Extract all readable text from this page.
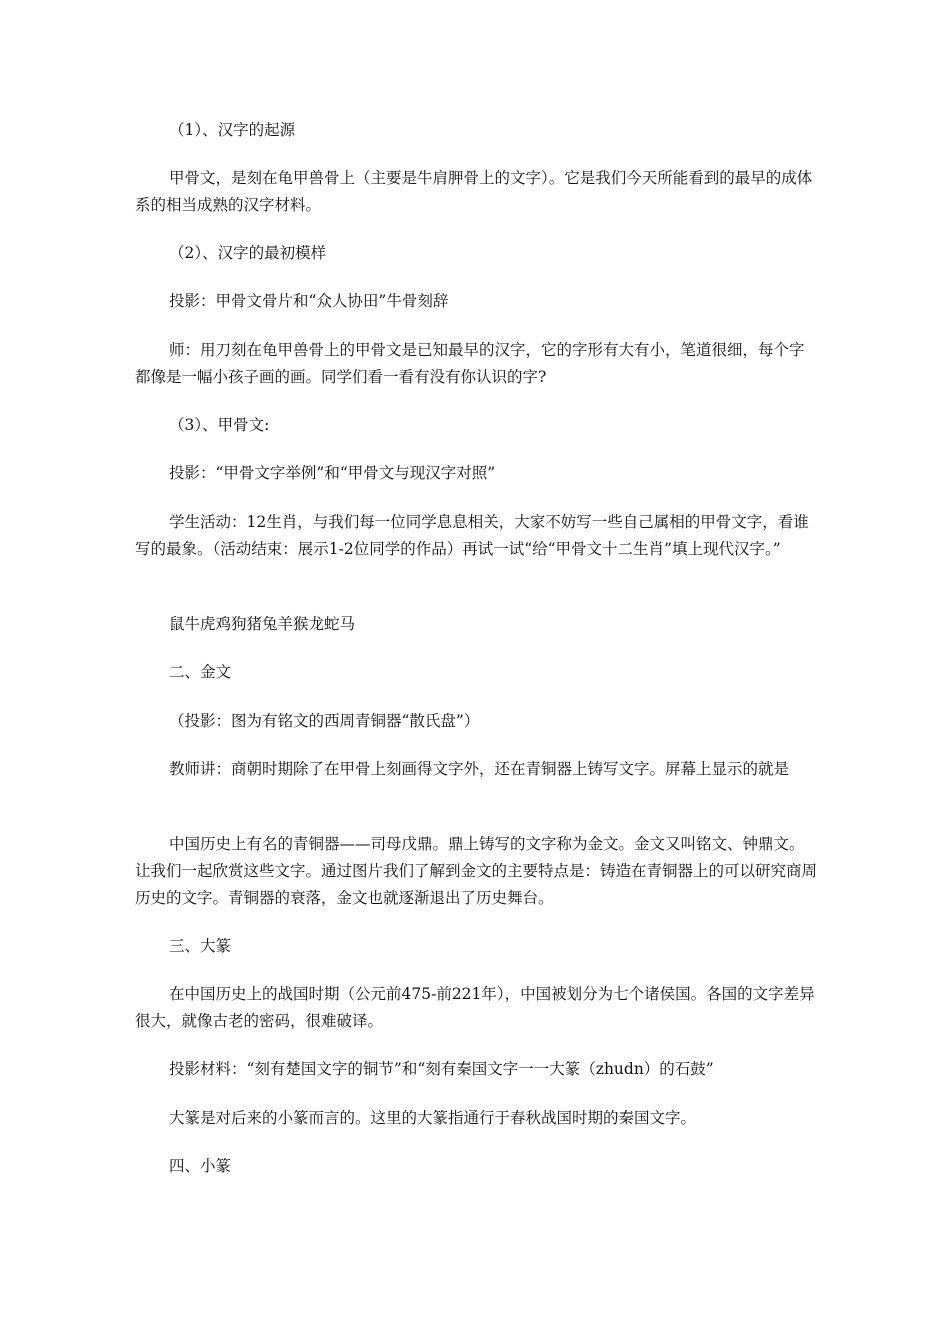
（1）、汉字的起源

甲骨文，是刻在龟甲兽骨上（主要是牛肩胛骨上的文字）。它是我们今天所能看到的最早的成体系的相当成熟的汉字材料。

（2）、汉字的最初模样

投影：甲骨文骨片和“众人协田”牛骨刻辞

师：用刀刻在龟甲兽骨上的甲骨文是已知最早的汉字，它的字形有大有小，笔道很细，每个字都像是一幅小孩子画的画。同学们看一看有没有你认识的字?

（3）、甲骨文:

投影：“甲骨文字举例”和“甲骨文与现汉字对照”

学生活动：12生肖，与我们每一位同学息息相关，大家不妨写一些自己属相的甲骨文字，看谁写的最象。（活动结束：展示1-2位同学的作品）再试一试“给“甲骨文十二生肖”填上现代汉字。”

鼠牛虎鸡狗猪兔羊猴龙蛇马

二、金文

（投影：图为有铭文的西周青铜器“散氏盘”）

教师讲：商朝时期除了在甲骨上刻画得文字外，还在青铜器上铸写文字。屏幕上显示的就是

中国历史上有名的青铜器——司母戊鼎。鼎上铸写的文字称为金文。金文又叫铭文、钟鼎文。让我们一起欣赏这些文字。通过图片我们了解到金文的主要特点是：铸造在青铜器上的可以研究商周历史的文字。青铜器的衰落，金文也就逐渐退出了历史舞台。

三、大篆

在中国历史上的战国时期（公元前475-前221年），中国被划分为七个诸侯国。各国的文字差异很大，就像古老的密码，很难破译。

投影材料：“刻有楚国文字的铜节”和“刻有秦国文字一一大篆（zhudn）的石鼓”

大篆是对后来的小篆而言的。这里的大篆指通行于春秋战国时期的秦国文字。

四、小篆
